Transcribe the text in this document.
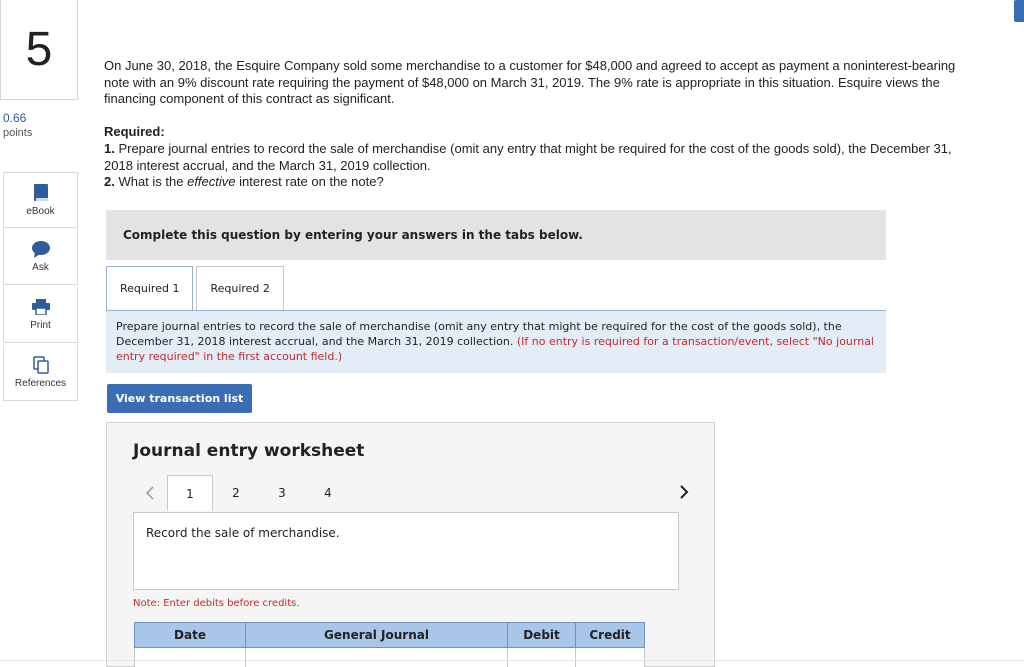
5
0.66
points
eBook
Ask
Print
References
On June 30, 2018, the Esquire Company sold some merchandise to a customer for $48,000 and agreed to accept as payment a noninterest-bearing note with an 9% discount rate requiring the payment of $48,000 on March 31, 2019. The 9% rate is appropriate in this situation. Esquire views the financing component of this contract as significant.
Required:
1. Prepare journal entries to record the sale of merchandise (omit any entry that might be required for the cost of the goods sold), the December 31, 2018 interest accrual, and the March 31, 2019 collection.
2. What is the effective interest rate on the note?
Complete this question by entering your answers in the tabs below.
Required 1	Required 2
Prepare journal entries to record the sale of merchandise (omit any entry that might be required for the cost of the goods sold), the December 31, 2018 interest accrual, and the March 31, 2019 collection. (If no entry is required for a transaction/event, select "No journal entry required" in the first account field.)
View transaction list
Journal entry worksheet
1	2	3	4
Record the sale of merchandise.
Note: Enter debits before credits.
Date	General Journal	Debit	Credit
